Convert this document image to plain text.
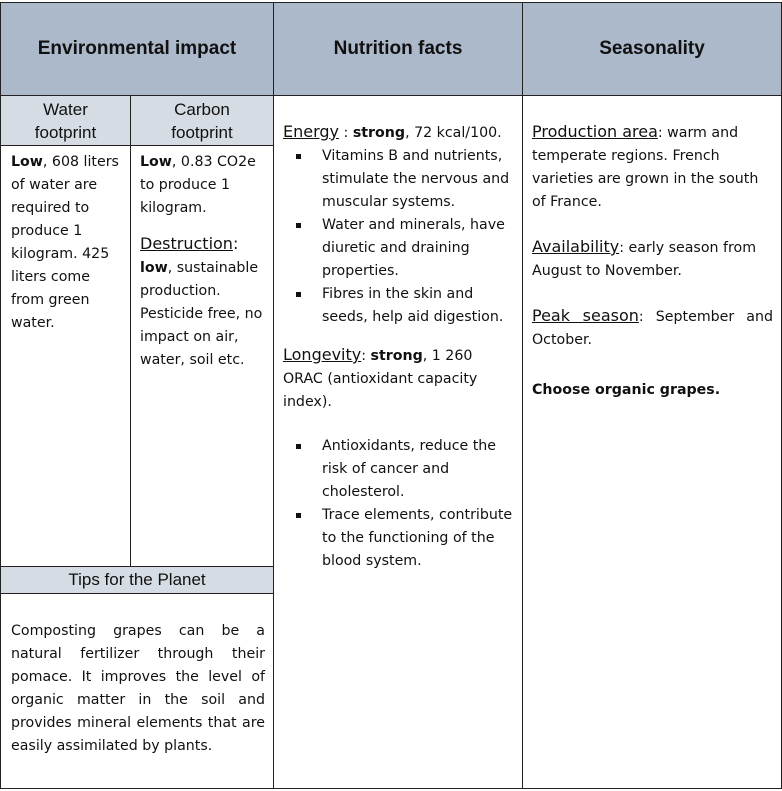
Environmental impact	Nutrition facts	Seasonality
Water
footprint
Carbon
footprint
Low, 608 liters of water are required to produce 1 kilogram. 425 liters come from green water.
Low, 0.83 CO2e to produce 1 kilogram.
Destruction:
low, sustainable production. Pesticide free, no impact on air, water, soil etc.
Tips for the Planet
Composting grapes can be a natural fertilizer through their pomace. It improves the level of organic matter in the soil and provides mineral elements that are easily assimilated by plants.
Energy : strong, 72 kcal/100.
Vitamins B and nutrients, stimulate the nervous and muscular systems.
Water and minerals, have diuretic and draining properties.
Fibres in the skin and seeds, help aid digestion.
Longevity: strong, 1 260 ORAC (antioxidant capacity index).
Antioxidants, reduce the risk of cancer and cholesterol.
Trace elements, contribute to the functioning of the blood system.
Production area: warm and temperate regions. French varieties are grown in the south of France.
Availability: early season from August to November.
Peak season: September and October.
Choose organic grapes.
